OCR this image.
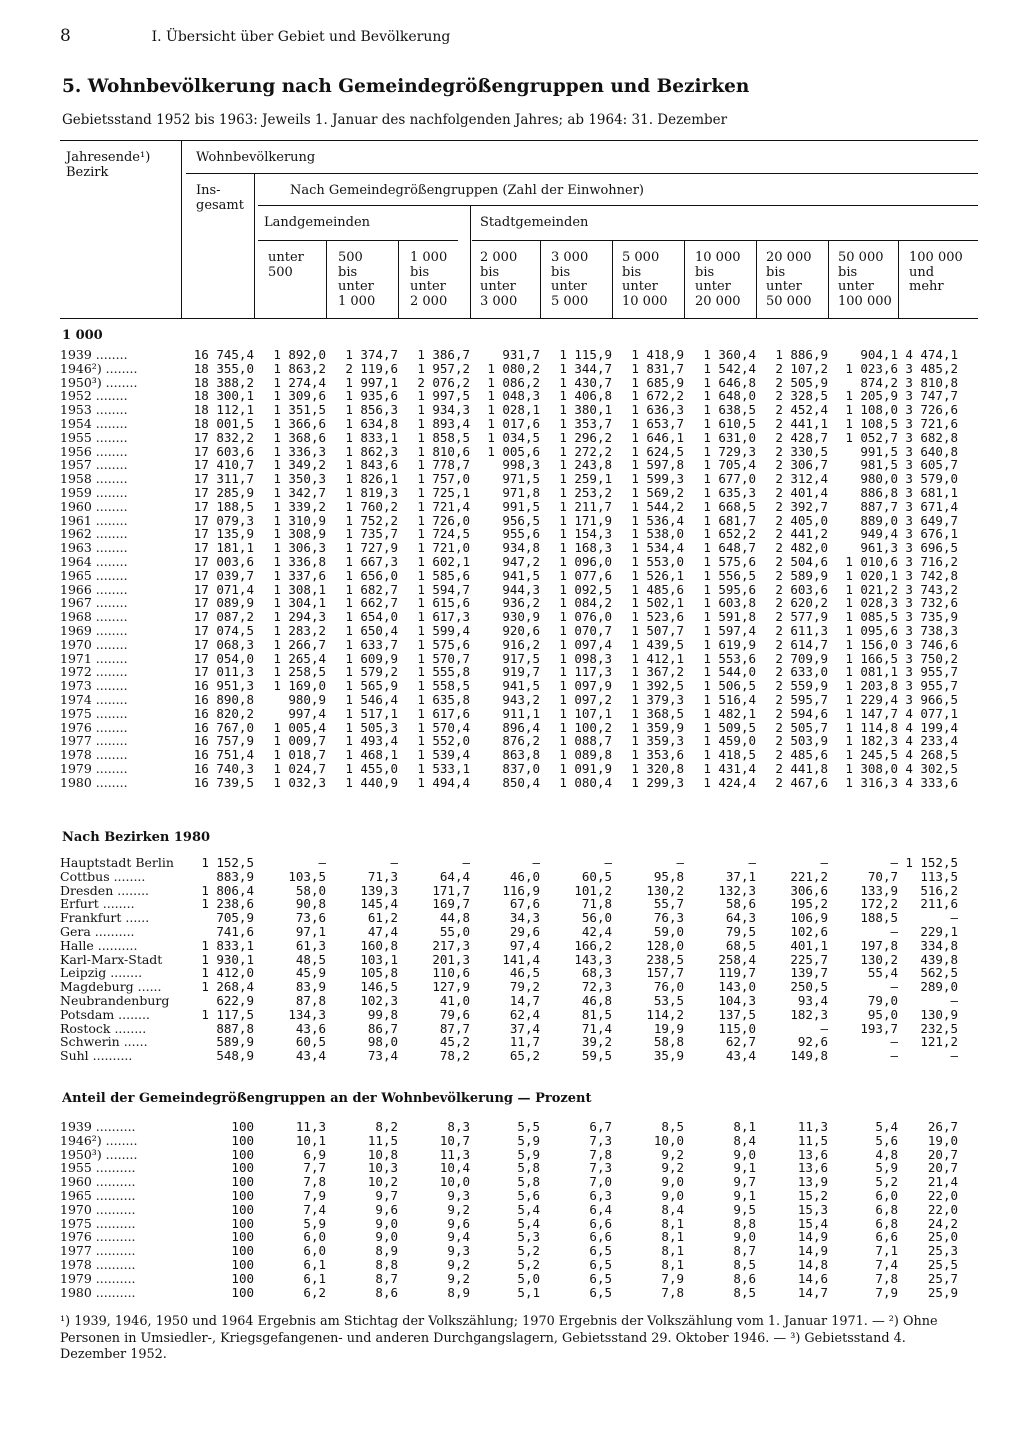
8	I. Übersicht über Gebiet und Bevölkerung
5. Wohnbevölkerung nach Gemeindegrößengruppen und Bezirken
Gebietsstand 1952 bis 1963: Jeweils 1. Januar des nachfolgenden Jahres; ab 1964: 31. Dezember
Jahresende¹)
Bezirk
Wohnbevölkerung
Ins-
gesamt
Nach Gemeindegrößengruppen (Zahl der Einwohner)
Landgemeinden	Stadtgemeinden
unter
500
500
bis
unter
1 000
1 000
bis
unter
2 000
2 000
bis
unter
3 000
3 000
bis
unter
5 000
5 000
bis
unter
10 000
10 000
bis
unter
20 000
20 000
bis
unter
50 000
50 000
bis
unter
100 000
100 000
und
mehr
1 000
1939 ........	16 745,4	1 892,0	1 374,7	1 386,7	931,7	1 115,9	1 418,9	1 360,4	1 886,9	904,1	4 474,1
1946²) ........	18 355,0	1 863,2	2 119,6	1 957,2	1 080,2	1 344,7	1 831,7	1 542,4	2 107,2	1 023,6	3 485,2
1950³) ........	18 388,2	1 274,4	1 997,1	2 076,2	1 086,2	1 430,7	1 685,9	1 646,8	2 505,9	874,2	3 810,8
1952 ........	18 300,1	1 309,6	1 935,6	1 997,5	1 048,3	1 406,8	1 672,2	1 648,0	2 328,5	1 205,9	3 747,7
1953 ........	18 112,1	1 351,5	1 856,3	1 934,3	1 028,1	1 380,1	1 636,3	1 638,5	2 452,4	1 108,0	3 726,6
1954 ........	18 001,5	1 366,6	1 634,8	1 893,4	1 017,6	1 353,7	1 653,7	1 610,5	2 441,1	1 108,5	3 721,6
1955 ........	17 832,2	1 368,6	1 833,1	1 858,5	1 034,5	1 296,2	1 646,1	1 631,0	2 428,7	1 052,7	3 682,8
1956 ........	17 603,6	1 336,3	1 862,3	1 810,6	1 005,6	1 272,2	1 624,5	1 729,3	2 330,5	991,5	3 640,8
1957 ........	17 410,7	1 349,2	1 843,6	1 778,7	998,3	1 243,8	1 597,8	1 705,4	2 306,7	981,5	3 605,7
1958 ........	17 311,7	1 350,3	1 826,1	1 757,0	971,5	1 259,1	1 599,3	1 677,0	2 312,4	980,0	3 579,0
1959 ........	17 285,9	1 342,7	1 819,3	1 725,1	971,8	1 253,2	1 569,2	1 635,3	2 401,4	886,8	3 681,1
1960 ........	17 188,5	1 339,2	1 760,2	1 721,4	991,5	1 211,7	1 544,2	1 668,5	2 392,7	887,7	3 671,4
1961 ........	17 079,3	1 310,9	1 752,2	1 726,0	956,5	1 171,9	1 536,4	1 681,7	2 405,0	889,0	3 649,7
1962 ........	17 135,9	1 308,9	1 735,7	1 724,5	955,6	1 154,3	1 538,0	1 652,2	2 441,2	949,4	3 676,1
1963 ........	17 181,1	1 306,3	1 727,9	1 721,0	934,8	1 168,3	1 534,4	1 648,7	2 482,0	961,3	3 696,5
1964 ........	17 003,6	1 336,8	1 667,3	1 602,1	947,2	1 096,0	1 553,0	1 575,6	2 504,6	1 010,6	3 716,2
1965 ........	17 039,7	1 337,6	1 656,0	1 585,6	941,5	1 077,6	1 526,1	1 556,5	2 589,9	1 020,1	3 742,8
1966 ........	17 071,4	1 308,1	1 682,7	1 594,7	944,3	1 092,5	1 485,6	1 595,6	2 603,6	1 021,2	3 743,2
1967 ........	17 089,9	1 304,1	1 662,7	1 615,6	936,2	1 084,2	1 502,1	1 603,8	2 620,2	1 028,3	3 732,6
1968 ........	17 087,2	1 294,3	1 654,0	1 617,3	930,9	1 076,0	1 523,6	1 591,8	2 577,9	1 085,5	3 735,9
1969 ........	17 074,5	1 283,2	1 650,4	1 599,4	920,6	1 070,7	1 507,7	1 597,4	2 611,3	1 095,6	3 738,3
1970 ........	17 068,3	1 266,7	1 633,7	1 575,6	916,2	1 097,4	1 439,5	1 619,9	2 614,7	1 156,0	3 746,6
1971 ........	17 054,0	1 265,4	1 609,9	1 570,7	917,5	1 098,3	1 412,1	1 553,6	2 709,9	1 166,5	3 750,2
1972 ........	17 011,3	1 258,5	1 579,2	1 555,8	919,7	1 117,3	1 367,2	1 544,0	2 633,0	1 081,1	3 955,7
1973 ........	16 951,3	1 169,0	1 565,9	1 558,5	941,5	1 097,9	1 392,5	1 506,5	2 559,9	1 203,8	3 955,7
1974 ........	16 890,8	980,9	1 546,4	1 635,8	943,2	1 097,2	1 379,3	1 516,4	2 595,7	1 229,4	3 966,5
1975 ........	16 820,2	997,4	1 517,1	1 617,6	911,1	1 107,1	1 368,5	1 482,1	2 594,6	1 147,7	4 077,1
1976 ........	16 767,0	1 005,4	1 505,3	1 570,4	896,4	1 100,2	1 359,9	1 509,5	2 505,7	1 114,8	4 199,4
1977 ........	16 757,9	1 009,7	1 493,4	1 552,0	876,2	1 088,7	1 359,3	1 459,0	2 503,9	1 182,3	4 233,4
1978 ........	16 751,4	1 018,7	1 468,1	1 539,4	863,8	1 089,8	1 353,6	1 418,5	2 485,6	1 245,5	4 268,5
1979 ........	16 740,3	1 024,7	1 455,0	1 533,1	837,0	1 091,9	1 320,8	1 431,4	2 441,8	1 308,0	4 302,5
1980 ........	16 739,5	1 032,3	1 440,9	1 494,4	850,4	1 080,4	1 299,3	1 424,4	2 467,6	1 316,3	4 333,6
Nach Bezirken 1980
Hauptstadt Berlin	1 152,5	—	—	—	—	—	—	—	—	—	1 152,5
Cottbus ........	883,9	103,5	71,3	64,4	46,0	60,5	95,8	37,1	221,2	70,7	113,5
Dresden ........	1 806,4	58,0	139,3	171,7	116,9	101,2	130,2	132,3	306,6	133,9	516,2
Erfurt ........	1 238,6	90,8	145,4	169,7	67,6	71,8	55,7	58,6	195,2	172,2	211,6
Frankfurt ......	705,9	73,6	61,2	44,8	34,3	56,0	76,3	64,3	106,9	188,5	—
Gera ..........	741,6	97,1	47,4	55,0	29,6	42,4	59,0	79,5	102,6	—	229,1
Halle ..........	1 833,1	61,3	160,8	217,3	97,4	166,2	128,0	68,5	401,1	197,8	334,8
Karl-Marx-Stadt	1 930,1	48,5	103,1	201,3	141,4	143,3	238,5	258,4	225,7	130,2	439,8
Leipzig ........	1 412,0	45,9	105,8	110,6	46,5	68,3	157,7	119,7	139,7	55,4	562,5
Magdeburg ......	1 268,4	83,9	146,5	127,9	79,2	72,3	76,0	143,0	250,5	—	289,0
Neubrandenburg	622,9	87,8	102,3	41,0	14,7	46,8	53,5	104,3	93,4	79,0	—
Potsdam ........	1 117,5	134,3	99,8	79,6	62,4	81,5	114,2	137,5	182,3	95,0	130,9
Rostock ........	887,8	43,6	86,7	87,7	37,4	71,4	19,9	115,0	—	193,7	232,5
Schwerin ......	589,9	60,5	98,0	45,2	11,7	39,2	58,8	62,7	92,6	—	121,2
Suhl ..........	548,9	43,4	73,4	78,2	65,2	59,5	35,9	43,4	149,8	—	—
Anteil der Gemeindegrößengruppen an der Wohnbevölkerung — Prozent
1939 ..........	100	11,3	8,2	8,3	5,5	6,7	8,5	8,1	11,3	5,4	26,7
1946²) ........	100	10,1	11,5	10,7	5,9	7,3	10,0	8,4	11,5	5,6	19,0
1950³) ........	100	6,9	10,8	11,3	5,9	7,8	9,2	9,0	13,6	4,8	20,7
1955 ..........	100	7,7	10,3	10,4	5,8	7,3	9,2	9,1	13,6	5,9	20,7
1960 ..........	100	7,8	10,2	10,0	5,8	7,0	9,0	9,7	13,9	5,2	21,4
1965 ..........	100	7,9	9,7	9,3	5,6	6,3	9,0	9,1	15,2	6,0	22,0
1970 ..........	100	7,4	9,6	9,2	5,4	6,4	8,4	9,5	15,3	6,8	22,0
1975 ..........	100	5,9	9,0	9,6	5,4	6,6	8,1	8,8	15,4	6,8	24,2
1976 ..........	100	6,0	9,0	9,4	5,3	6,6	8,1	9,0	14,9	6,6	25,0
1977 ..........	100	6,0	8,9	9,3	5,2	6,5	8,1	8,7	14,9	7,1	25,3
1978 ..........	100	6,1	8,8	9,2	5,2	6,5	8,1	8,5	14,8	7,4	25,5
1979 ..........	100	6,1	8,7	9,2	5,0	6,5	7,9	8,6	14,6	7,8	25,7
1980 ..........	100	6,2	8,6	8,9	5,1	6,5	7,8	8,5	14,7	7,9	25,9
¹) 1939, 1946, 1950 und 1964 Ergebnis am Stichtag der Volkszählung; 1970 Ergebnis der Volkszählung vom 1. Januar 1971. — ²) Ohne Personen in Umsiedler-, Kriegsgefangenen- und anderen Durchgangslagern, Gebietsstand 29. Oktober 1946. — ³) Gebietsstand 4. Dezember 1952.
